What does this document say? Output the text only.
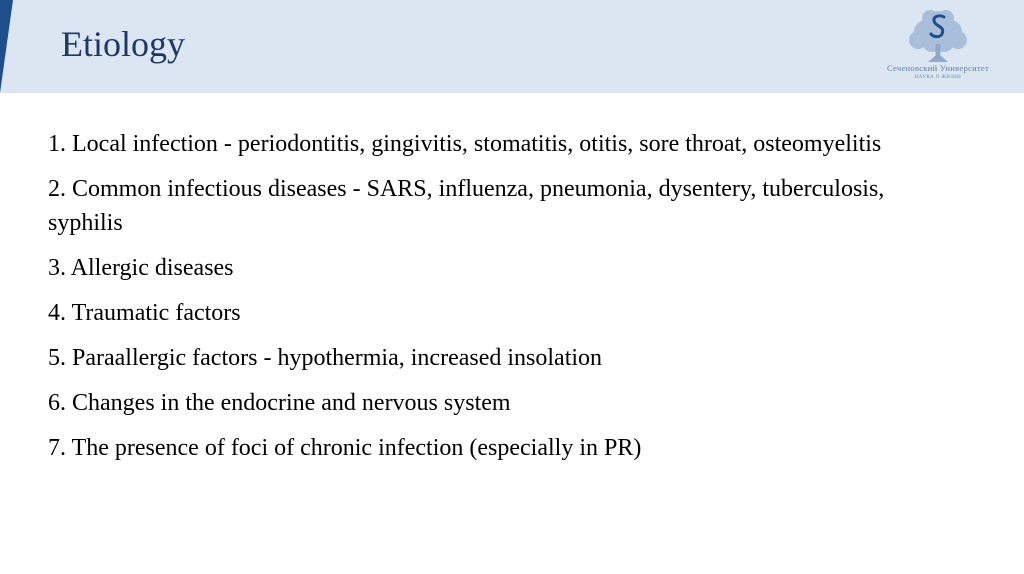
Etiology
Сеченовский Университет
НАУКА О ЖИЗНИ
1. Local infection - periodontitis, gingivitis, stomatitis, otitis, sore throat, osteomyelitis
2. Common infectious diseases - SARS, influenza, pneumonia, dysentery, tuberculosis, syphilis
3. Allergic diseases
4. Traumatic factors
5. Paraallergic factors - hypothermia, increased insolation
6. Changes in the endocrine and nervous system
7. The presence of foci of chronic infection (especially in PR)
